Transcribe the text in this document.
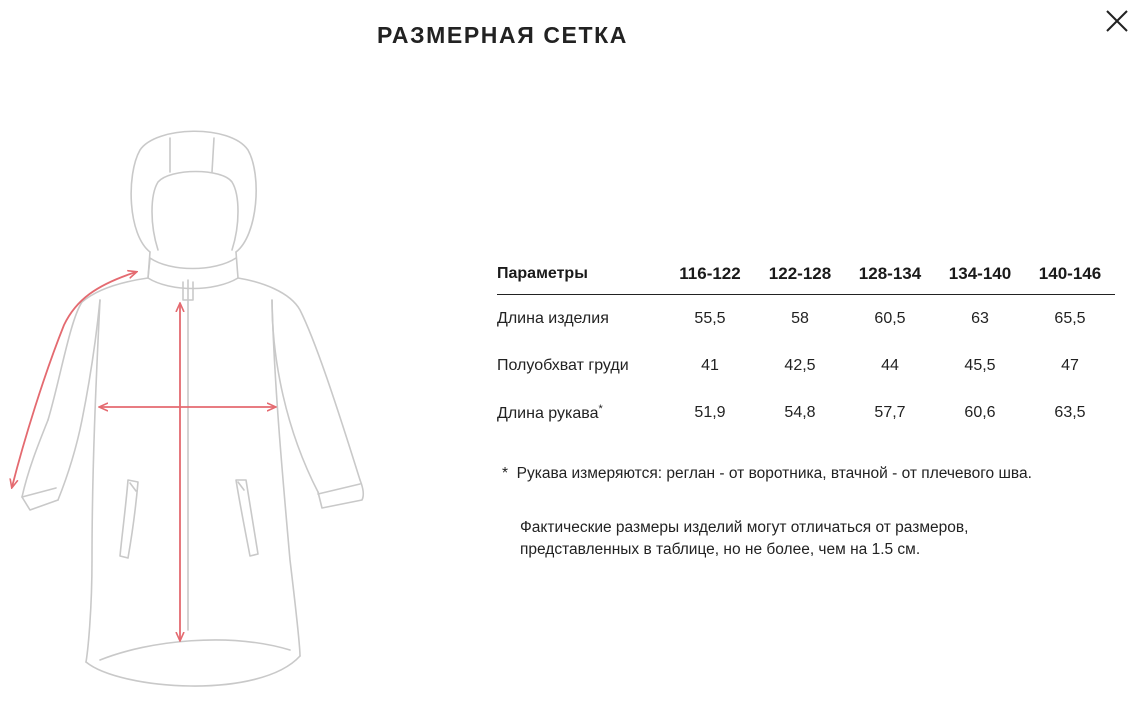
РАЗМЕРНАЯ СЕТКА
Параметры	116-122	122-128	128-134	134-140	140-146
Длина изделия	55,5	58	60,5	63	65,5
Полуобхват груди	41	42,5	44	45,5	47
Длина рукава*	51,9	54,8	57,7	60,6	63,5
* Рукава измеряются: реглан - от воротника, втачной - от плечевого шва.
Фактические размеры изделий могут отличаться от размеров,
представленных в таблице, но не более, чем на 1.5 см.
